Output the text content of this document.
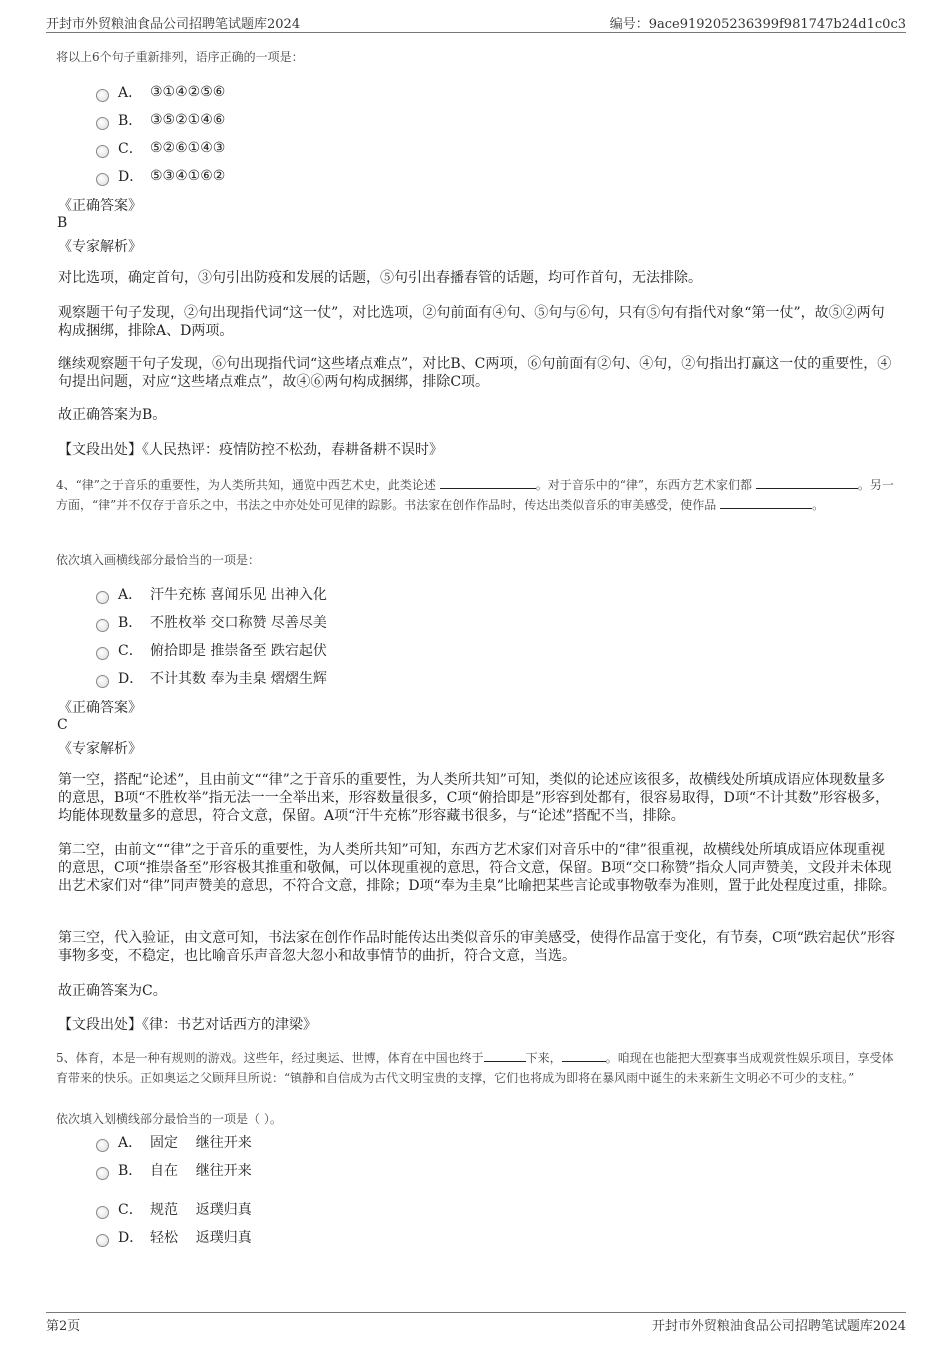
开封市外贸粮油食品公司招聘笔试题库2024	编号：9ace919205236399f981747b24d1c0c3
将以上6个句子重新排列，语序正确的一项是：
A． ③①④②⑤⑥
B． ③⑤②①④⑥
C． ⑤②⑥①④③
D． ⑤③④①⑥②
《正确答案》
B
《专家解析》
对比选项，确定首句，③句引出防疫和发展的话题，⑤句引出春播春管的话题，均可作首句，无法排除。
观察题干句子发现，②句出现指代词“这一仗”，对比选项，②句前面有④句、⑤句与⑥句，只有⑤句有指代对象“第一仗”，故⑤②两句构成捆绑，排除A、D两项。
继续观察题干句子发现，⑥句出现指代词“这些堵点难点”，对比B、C两项，⑥句前面有②句、④句，②句指出打赢这一仗的重要性，④句提出问题，对应“这些堵点难点”，故④⑥两句构成捆绑，排除C项。
故正确答案为B。
【文段出处】《人民热评：疫情防控不松劲，春耕备耕不误时》
4、“律”之于音乐的重要性，为人类所共知，通览中西艺术史，此类论述	。对于音乐中的“律”，东西方艺术家们都	。另一方面，“律”并不仅存于音乐之中，书法之中亦处处可见律的踪影。书法家在创作作品时，传达出类似音乐的审美感受，使作品	。
依次填入画横线部分最恰当的一项是：
A． 汗牛充栋 喜闻乐见 出神入化
B． 不胜枚举 交口称赞 尽善尽美
C． 俯拾即是 推崇备至 跌宕起伏
D． 不计其数 奉为圭臬 熠熠生辉
《正确答案》
C
《专家解析》
第一空，搭配“论述”，且由前文““律”之于音乐的重要性，为人类所共知”可知，类似的论述应该很多，故横线处所填成语应体现数量多的意思，B项“不胜枚举”指无法一一全举出来，形容数量很多，C项“俯拾即是”形容到处都有，很容易取得，D项“不计其数”形容极多，均能体现数量多的意思，符合文意，保留。A项“汗牛充栋”形容藏书很多，与“论述”搭配不当，排除。
第二空，由前文““律”之于音乐的重要性，为人类所共知”可知，东西方艺术家们对音乐中的“律”很重视，故横线处所填成语应体现重视的意思，C项“推崇备至”形容极其推重和敬佩，可以体现重视的意思，符合文意，保留。B项“交口称赞”指众人同声赞美，文段并未体现出艺术家们对“律”同声赞美的意思，不符合文意，排除；D项“奉为圭臬”比喻把某些言论或事物敬奉为准则，置于此处程度过重，排除。
第三空，代入验证，由文意可知，书法家在创作作品时能传达出类似音乐的审美感受，使得作品富于变化，有节奏，C项“跌宕起伏”形容事物多变，不稳定，也比喻音乐声音忽大忽小和故事情节的曲折，符合文意，当选。
故正确答案为C。
【文段出处】《律：书艺对话西方的津梁》
5、体育，本是一种有规则的游戏。这些年，经过奥运、世博，体育在中国也终于	下来，	。咱现在也能把大型赛事当成观赏性娱乐项目，享受体育带来的快乐。正如奥运之父顾拜旦所说：“镇静和自信成为古代文明宝贵的支撑，它们也将成为即将在暴风雨中诞生的未来新生文明必不可少的支柱。”
依次填入划横线部分最恰当的一项是（ ）。
A． 固定    继往开来
B． 自在    继往开来
C． 规范    返璞归真
D． 轻松    返璞归真
第2页	开封市外贸粮油食品公司招聘笔试题库2024
